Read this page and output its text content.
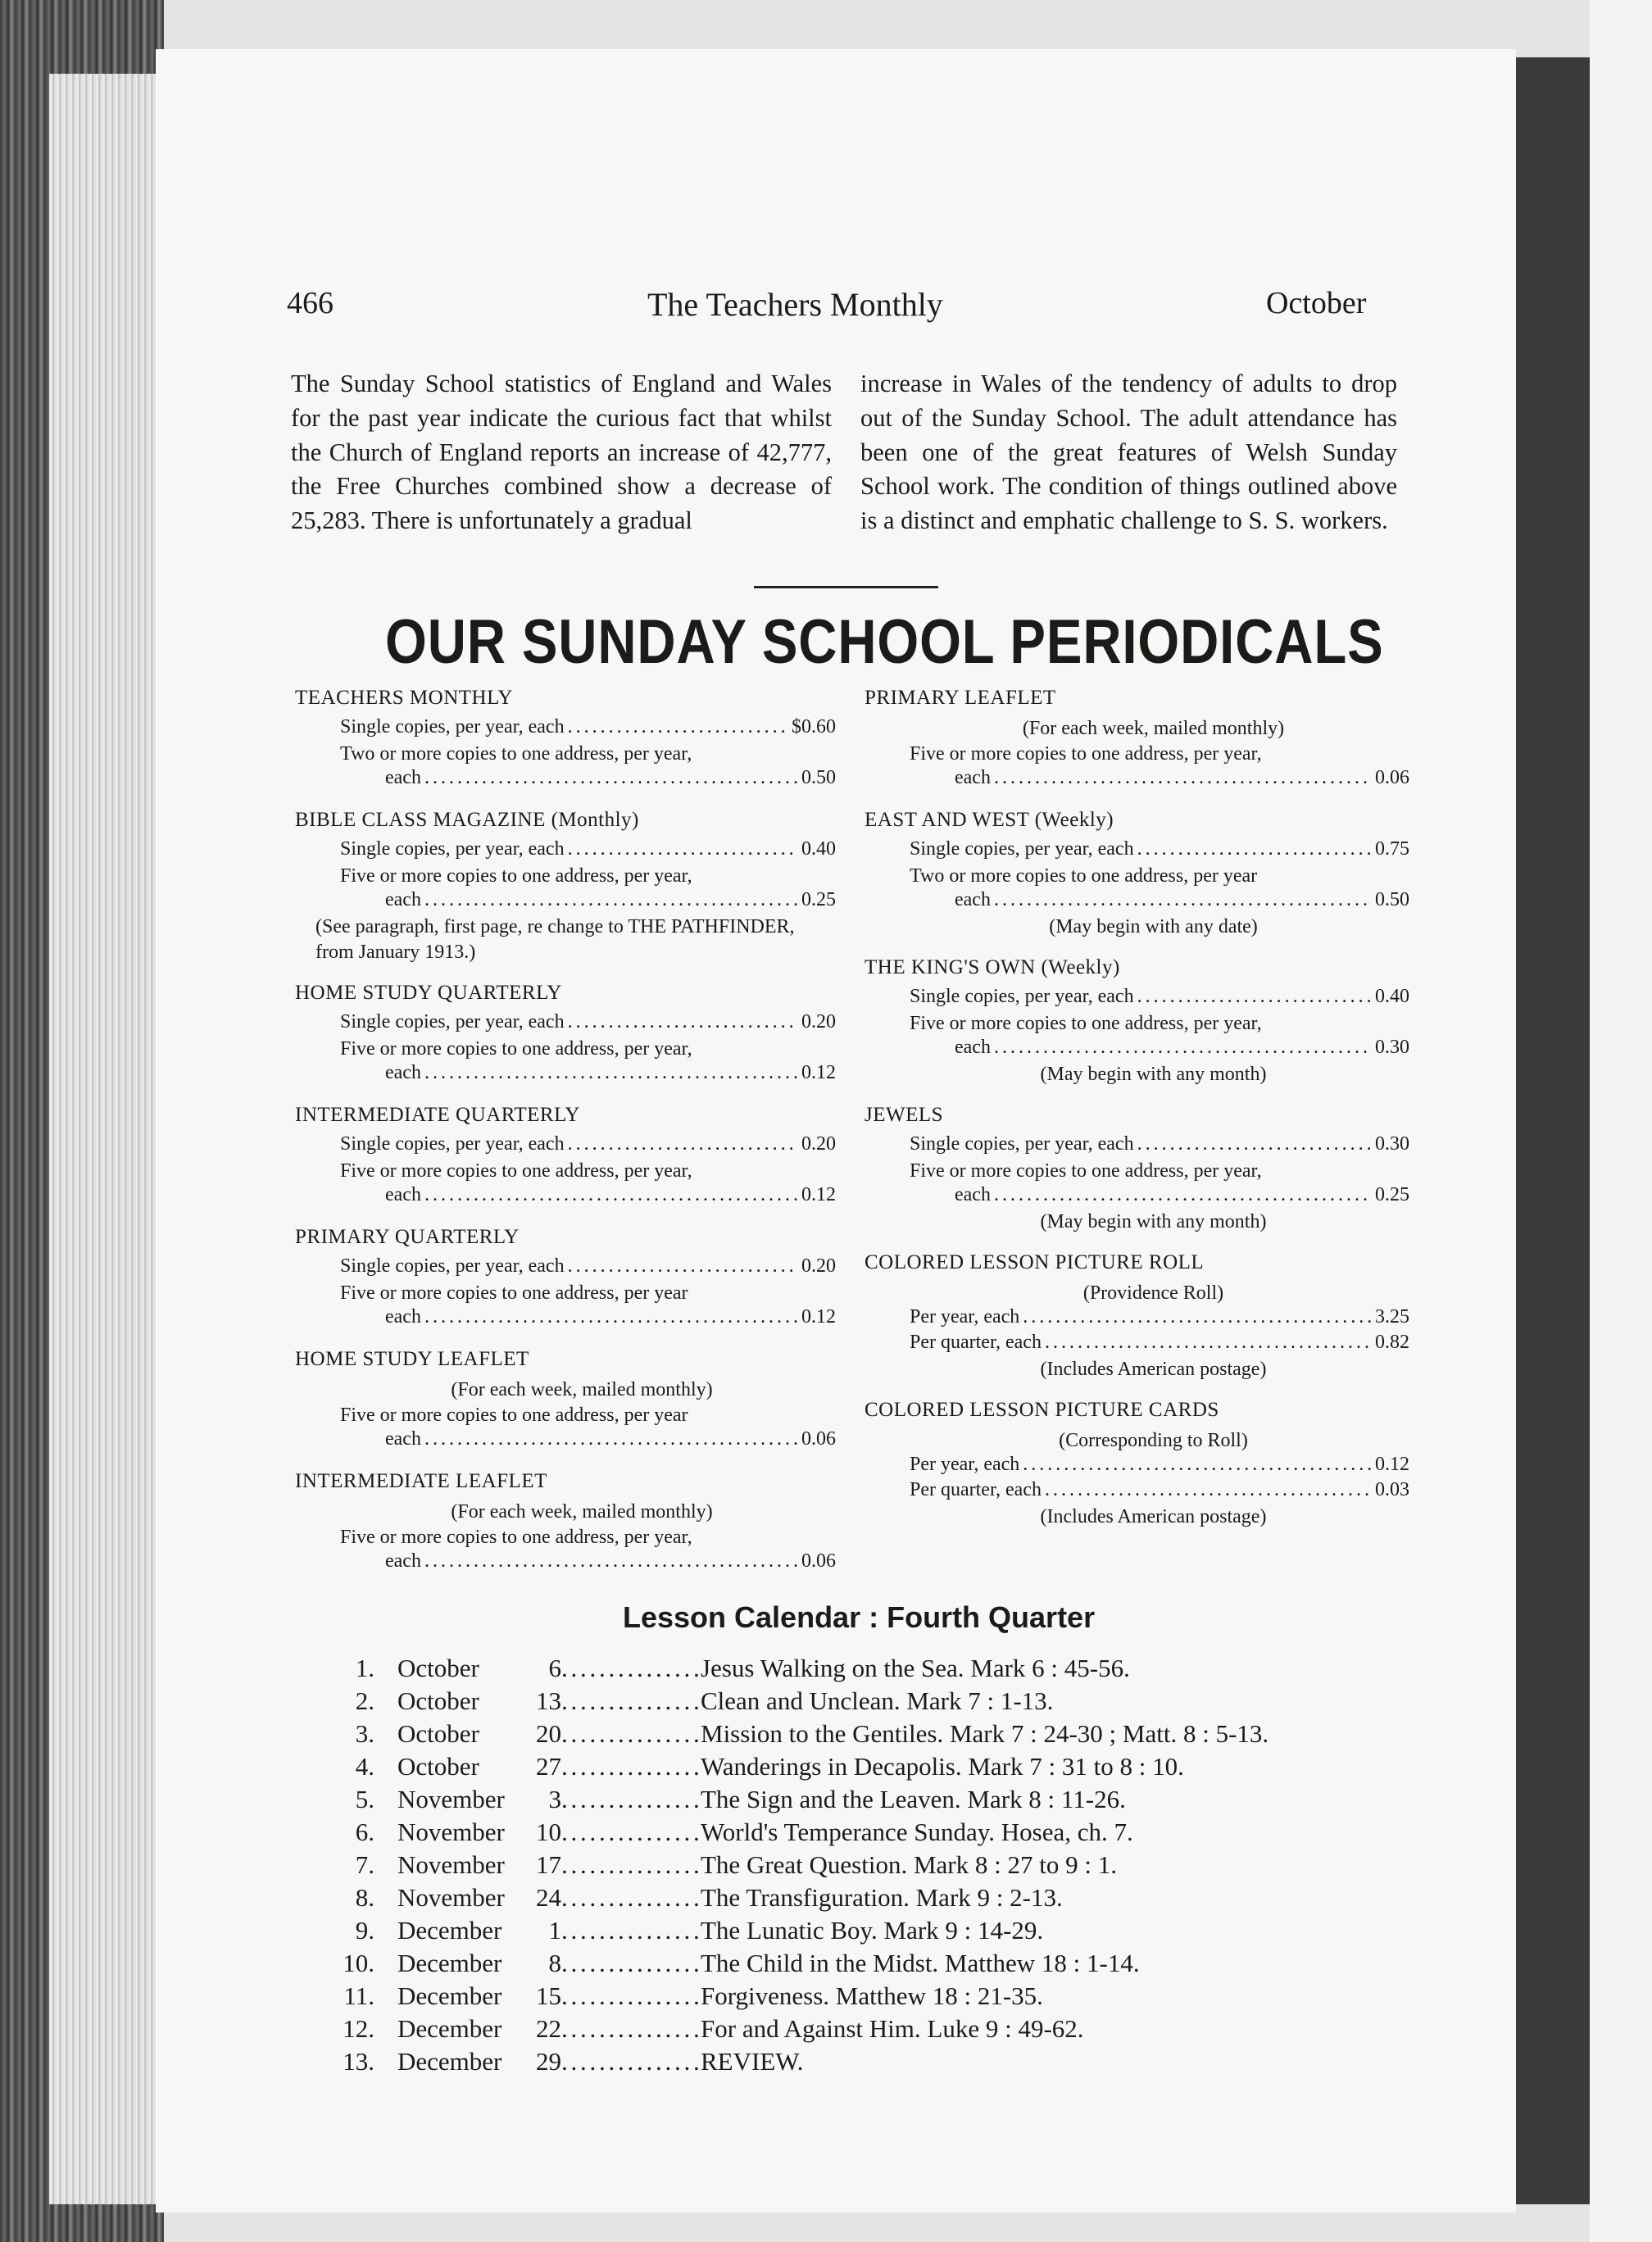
466	The Teachers Monthly	October
The Sunday School statistics of England and Wales for the past year indicate the curious fact that whilst the Church of England reports an increase of 42,777, the Free Churches combined show a decrease of 25,283. There is unfortunately a gradual
increase in Wales of the tendency of adults to drop out of the Sunday School. The adult attendance has been one of the great features of Welsh Sunday School work. The condition of things outlined above is a distinct and emphatic challenge to S. S. workers.
OUR SUNDAY SCHOOL PERIODICALS
TEACHERS MONTHLY
Single copies, per year, each . . .	$0.60
Two or more copies to one address, per year,
each . . .	0.50
BIBLE CLASS MAGAZINE (Monthly)
Single copies, per year, each . . .	0.40
Five or more copies to one address, per year,
each . . .	0.25
(See paragraph, first page, re change to THE PATHFINDER, from January 1913.)
HOME STUDY QUARTERLY
Single copies, per year, each . . .	0.20
Five or more copies to one address, per year,
each . . .	0.12
INTERMEDIATE QUARTERLY
Single copies, per year, each . . .	0.20
Five or more copies to one address, per year,
each . . .	0.12
PRIMARY QUARTERLY
Single copies, per year, each . . .	0.20
Five or more copies to one address, per year
each . . .	0.12
HOME STUDY LEAFLET
(For each week, mailed monthly)
Five or more copies to one address, per year
each . . .	0.06
INTERMEDIATE LEAFLET
(For each week, mailed monthly)
Five or more copies to one address, per year,
each . . .	0.06
PRIMARY LEAFLET
(For each week, mailed monthly)
Five or more copies to one address, per year,
each . . .	0.06
EAST AND WEST (Weekly)
Single copies, per year, each . . .	0.75
Two or more copies to one address, per year
each . . .	0.50
(May begin with any date)
THE KING'S OWN (Weekly)
Single copies, per year, each . . .	0.40
Five or more copies to one address, per year,
each . . .	0.30
(May begin with any month)
JEWELS
Single copies, per year, each . . .	0.30
Five or more copies to one address, per year,
each . . .	0.25
(May begin with any month)
COLORED LESSON PICTURE ROLL
(Providence Roll)
Per year, each . . .	3.25
Per quarter, each . . .	0.82
(Includes American postage)
COLORED LESSON PICTURE CARDS
(Corresponding to Roll)
Per year, each . . .	0.12
Per quarter, each . . .	0.03
(Includes American postage)
Lesson Calendar : Fourth Quarter
1. October	6 . . .	Jesus Walking on the Sea. Mark 6 : 45-56.
2. October	13 . . .	Clean and Unclean. Mark 7 : 1-13.
3. October	20 . . .	Mission to the Gentiles. Mark 7 : 24-30 ; Matt. 8 : 5-13.
4. October	27 . . .	Wanderings in Decapolis. Mark 7 : 31 to 8 : 10.
5. November	3 . . .	The Sign and the Leaven. Mark 8 : 11-26.
6. November	10 . . .	World's Temperance Sunday. Hosea, ch. 7.
7. November	17 . . .	The Great Question. Mark 8 : 27 to 9 : 1.
8. November	24 . . .	The Transfiguration. Mark 9 : 2-13.
9. December	1 . . .	The Lunatic Boy. Mark 9 : 14-29.
10. December	8 . . .	The Child in the Midst. Matthew 18 : 1-14.
11. December	15 . . .	Forgiveness. Matthew 18 : 21-35.
12. December	22 . . .	For and Against Him. Luke 9 : 49-62.
13. December	29 . . .	REVIEW.
